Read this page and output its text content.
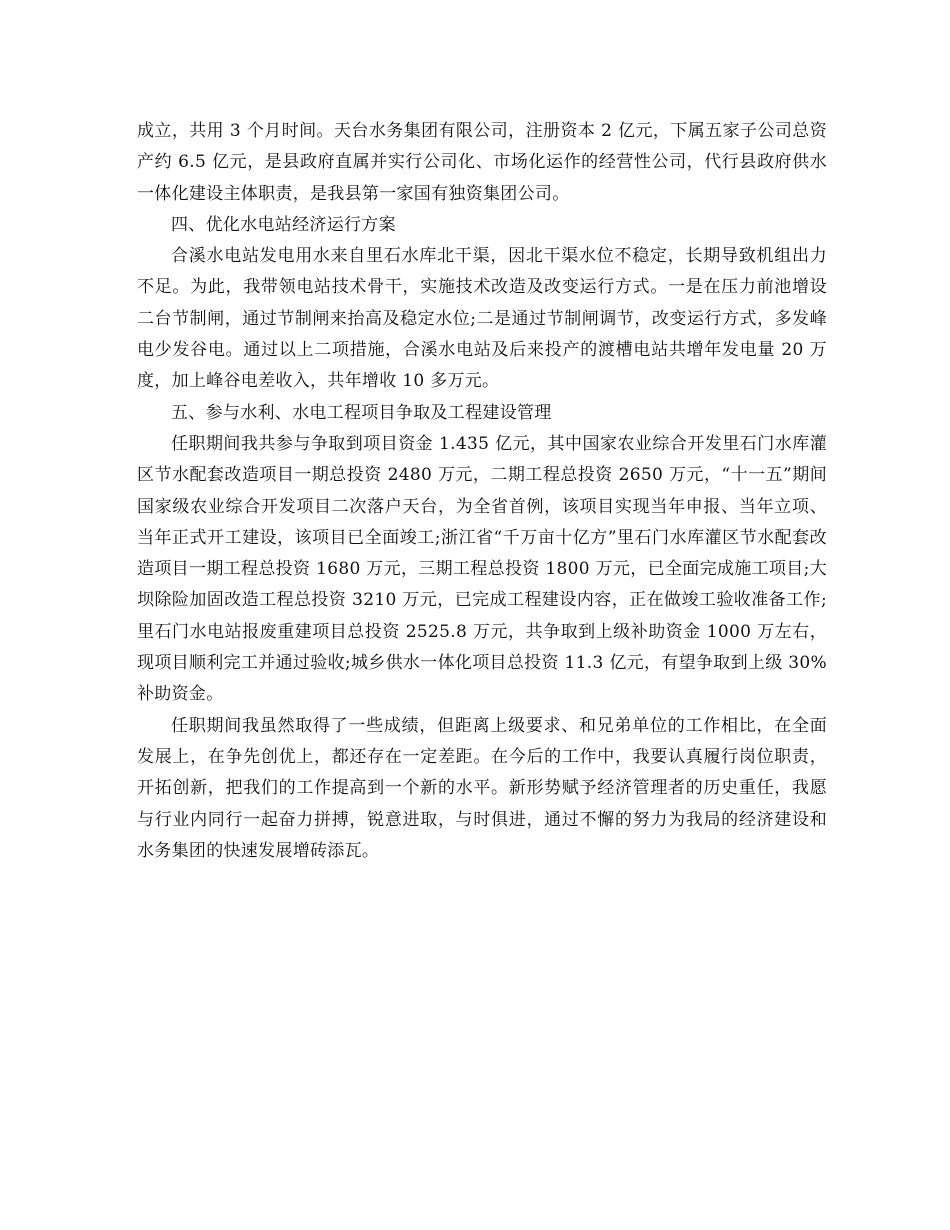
成立，共用 3 个月时间。天台水务集团有限公司，注册资本 2 亿元，下属五家子公司总资产约 6.5 亿元，是县政府直属并实行公司化、市场化运作的经营性公司，代行县政府供水一体化建设主体职责，是我县第一家国有独资集团公司。

四、优化水电站经济运行方案

合溪水电站发电用水来自里石水库北干渠，因北干渠水位不稳定，长期导致机组出力不足。为此，我带领电站技术骨干，实施技术改造及改变运行方式。一是在压力前池增设二台节制闸，通过节制闸来抬高及稳定水位;二是通过节制闸调节，改变运行方式，多发峰电少发谷电。通过以上二项措施，合溪水电站及后来投产的渡槽电站共增年发电量 20 万度，加上峰谷电差收入，共年增收 10 多万元。

五、参与水利、水电工程项目争取及工程建设管理

任职期间我共参与争取到项目资金 1.435 亿元，其中国家农业综合开发里石门水库灌区节水配套改造项目一期总投资 2480 万元，二期工程总投资 2650 万元，“十一五”期间国家级农业综合开发项目二次落户天台，为全省首例，该项目实现当年申报、当年立项、当年正式开工建设，该项目已全面竣工;浙江省“千万亩十亿方”里石门水库灌区节水配套改造项目一期工程总投资 1680 万元，三期工程总投资 1800 万元，已全面完成施工项目;大坝除险加固改造工程总投资 3210 万元，已完成工程建设内容，正在做竣工验收准备工作;里石门水电站报废重建项目总投资 2525.8 万元，共争取到上级补助资金 1000 万左右，现项目顺利完工并通过验收;城乡供水一体化项目总投资 11.3 亿元，有望争取到上级 30%补助资金。

任职期间我虽然取得了一些成绩，但距离上级要求、和兄弟单位的工作相比，在全面发展上，在争先创优上，都还存在一定差距。在今后的工作中，我要认真履行岗位职责，开拓创新，把我们的工作提高到一个新的水平。新形势赋予经济管理者的历史重任，我愿与行业内同行一起奋力拼搏，锐意进取，与时俱进，通过不懈的努力为我局的经济建设和水务集团的快速发展增砖添瓦。
